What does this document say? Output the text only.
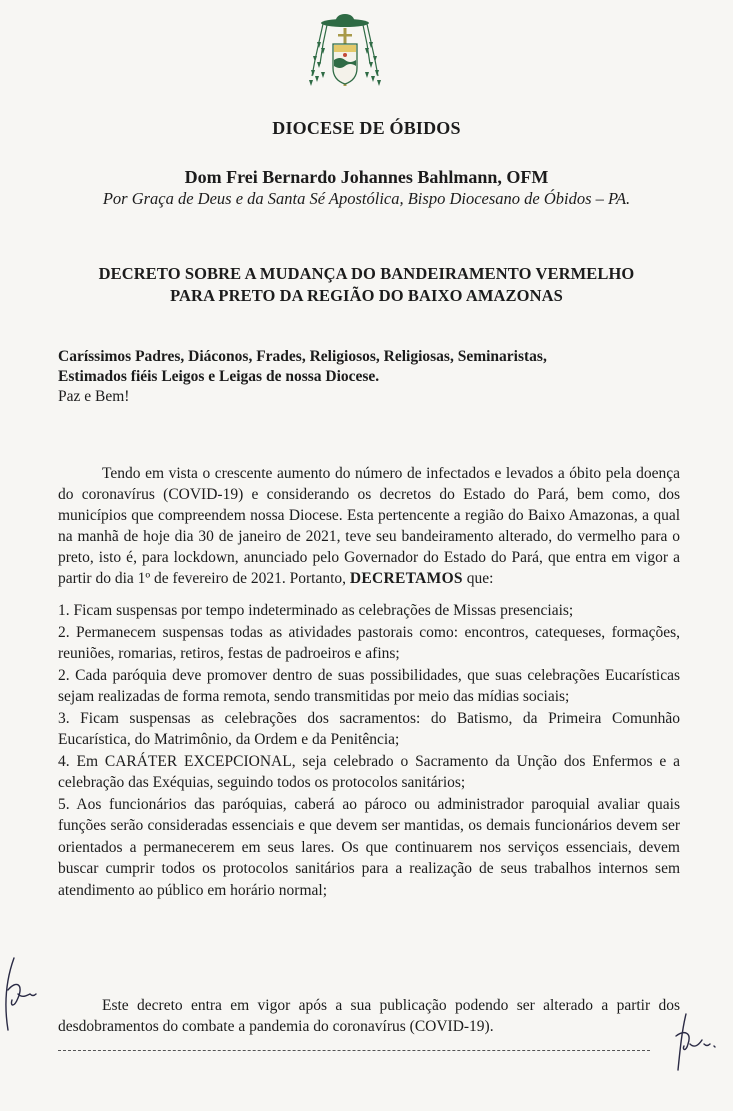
DIOCESE DE ÓBIDOS
Dom Frei Bernardo Johannes Bahlmann, OFM
Por Graça de Deus e da Santa Sé Apostólica, Bispo Diocesano de Óbidos – PA.
DECRETO SOBRE A MUDANÇA DO BANDEIRAMENTO VERMELHO
PARA PRETO DA REGIÃO DO BAIXO AMAZONAS
Caríssimos Padres, Diáconos, Frades, Religiosos, Religiosas, Seminaristas,
Estimados fiéis Leigos e Leigas de nossa Diocese.
Paz e Bem!
Tendo em vista o crescente aumento do número de infectados e levados a óbito pela doença do coronavírus (COVID-19) e considerando os decretos do Estado do Pará, bem como, dos municípios que compreendem nossa Diocese. Esta pertencente a região do Baixo Amazonas, a qual na manhã de hoje dia 30 de janeiro de 2021, teve seu bandeiramento alterado, do vermelho para o preto, isto é, para lockdown, anunciado pelo Governador do Estado do Pará, que entra em vigor a partir do dia 1º de fevereiro de 2021. Portanto, DECRETAMOS que:

1. Ficam suspensas por tempo indeterminado as celebrações de Missas presenciais;

2. Permanecem suspensas todas as atividades pastorais como: encontros, catequeses, formações, reuniões, romarias, retiros, festas de padroeiros e afins;

2. Cada paróquia deve promover dentro de suas possibilidades, que suas celebrações Eucarísticas sejam realizadas de forma remota, sendo transmitidas por meio das mídias sociais;

3. Ficam suspensas as celebrações dos sacramentos: do Batismo, da Primeira Comunhão Eucarística, do Matrimônio, da Ordem e da Penitência;

4. Em CARÁTER EXCEPCIONAL, seja celebrado o Sacramento da Unção dos Enfermos e a celebração das Exéquias, seguindo todos os protocolos sanitários;

5. Aos funcionários das paróquias, caberá ao pároco ou administrador paroquial avaliar quais funções serão consideradas essenciais e que devem ser mantidas, os demais funcionários devem ser orientados a permanecerem em seus lares. Os que continuarem nos serviços essenciais, devem buscar cumprir todos os protocolos sanitários para a realização de seus trabalhos internos sem atendimento ao público em horário normal;

Este decreto entra em vigor após a sua publicação podendo ser alterado a partir dos desdobramentos do combate a pandemia do coronavírus (COVID-19).
